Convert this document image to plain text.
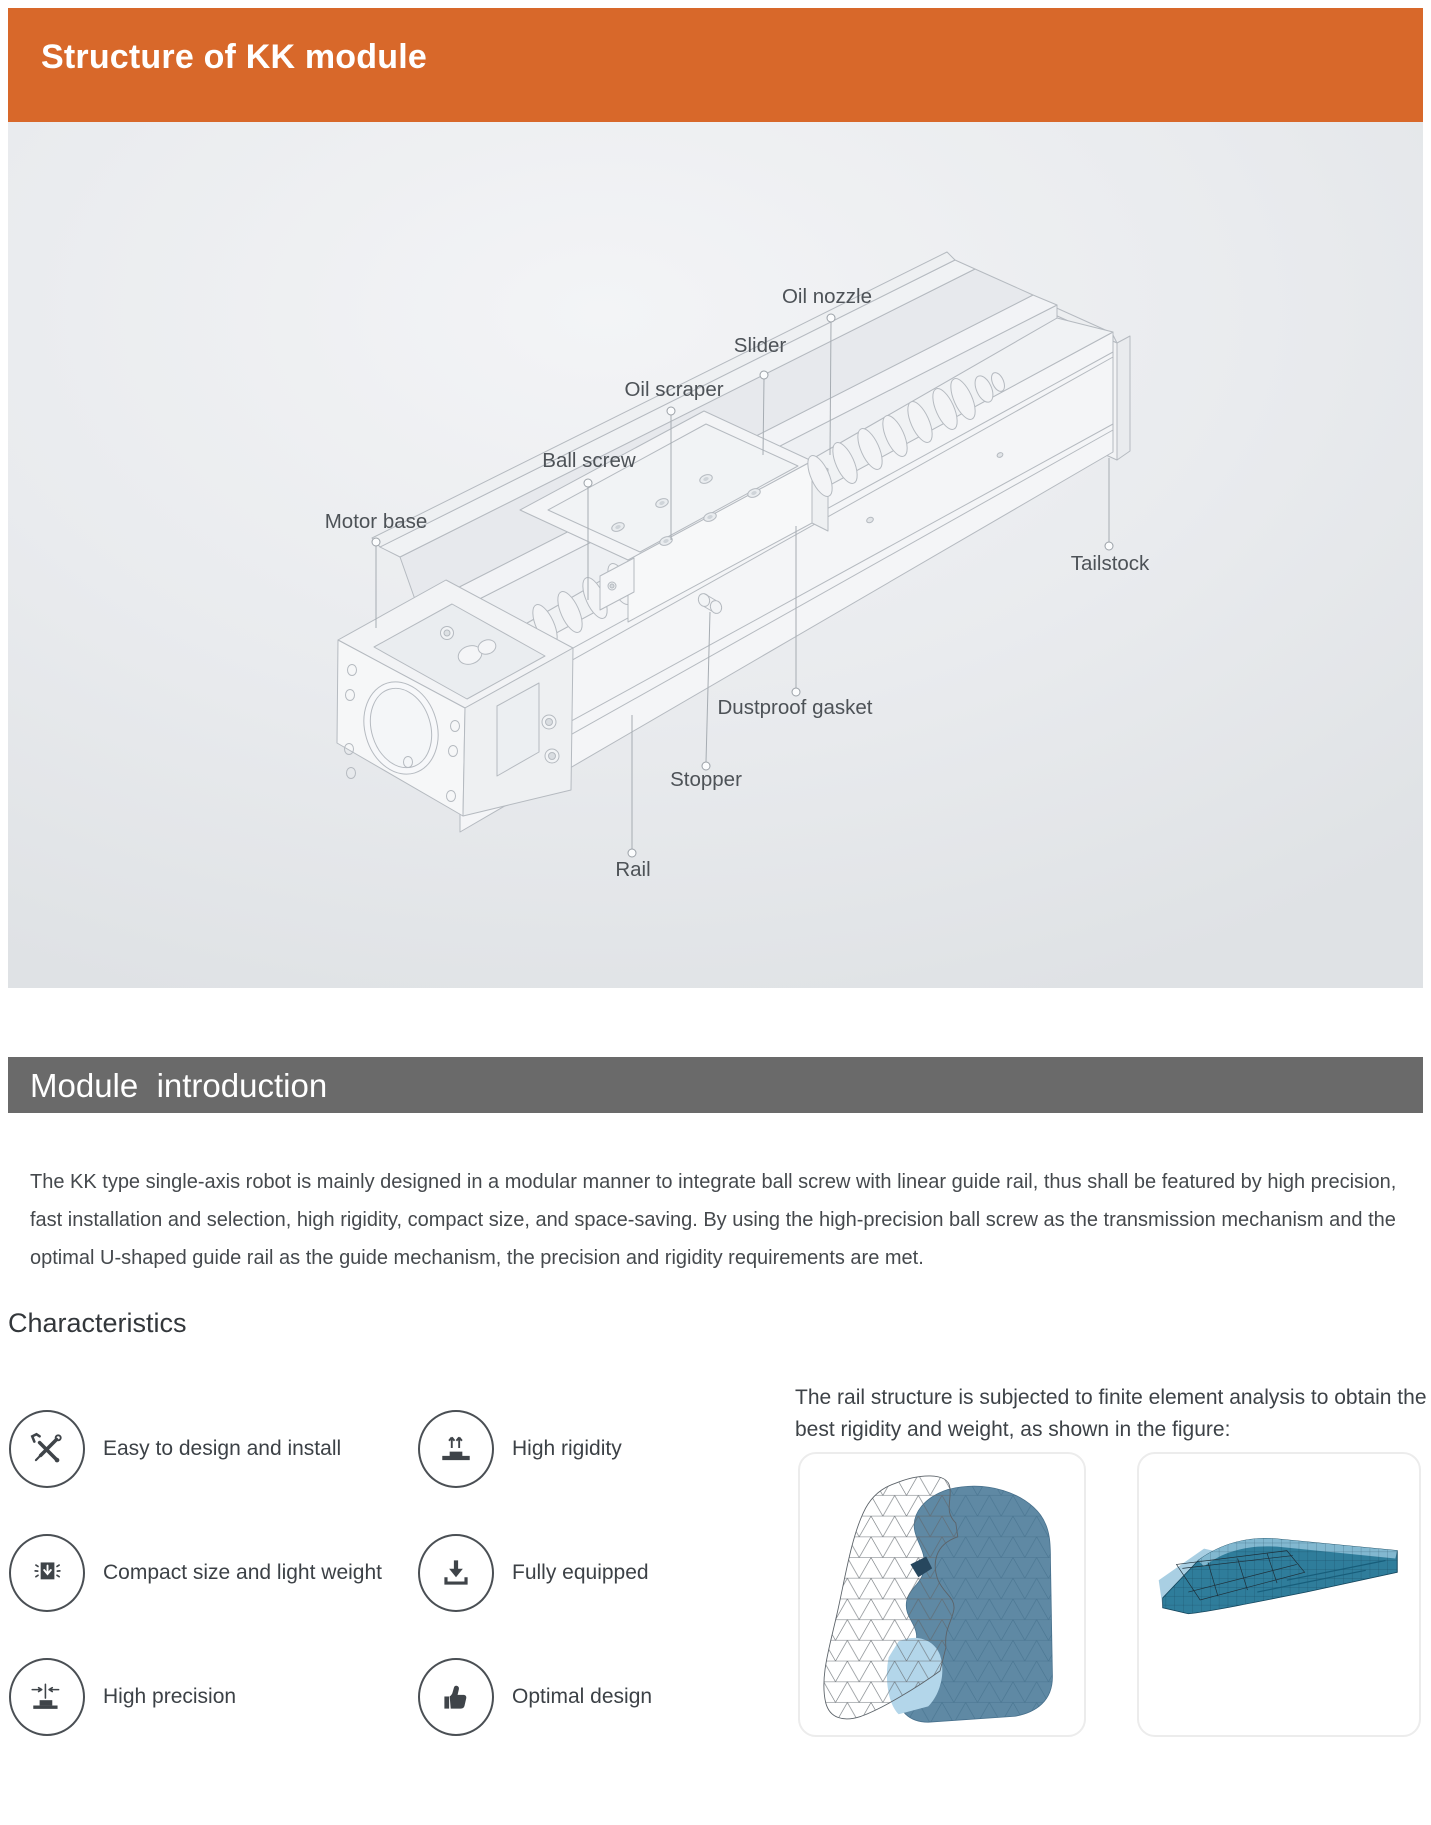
Structure of KK module
Oil nozzle
Slider
Oil scraper
Ball screw
Motor base
Tailstock
Dustproof gasket
Stopper
Rail
Module  introduction

The KK type single-axis robot is mainly designed in a modular manner to integrate ball screw with linear guide rail, thus shall be featured by high precision, fast installation and selection, high rigidity, compact size, and space-saving. By using the high-precision ball screw as the transmission mechanism and the optimal U-shaped guide rail as the guide mechanism, the precision and rigidity requirements are met.

Characteristics
Easy to design and install	High rigidity
Compact size and light weight	Fully equipped
High precision	Optimal design
The rail structure is subjected to finite element analysis to obtain the best rigidity and weight, as shown in the figure:
